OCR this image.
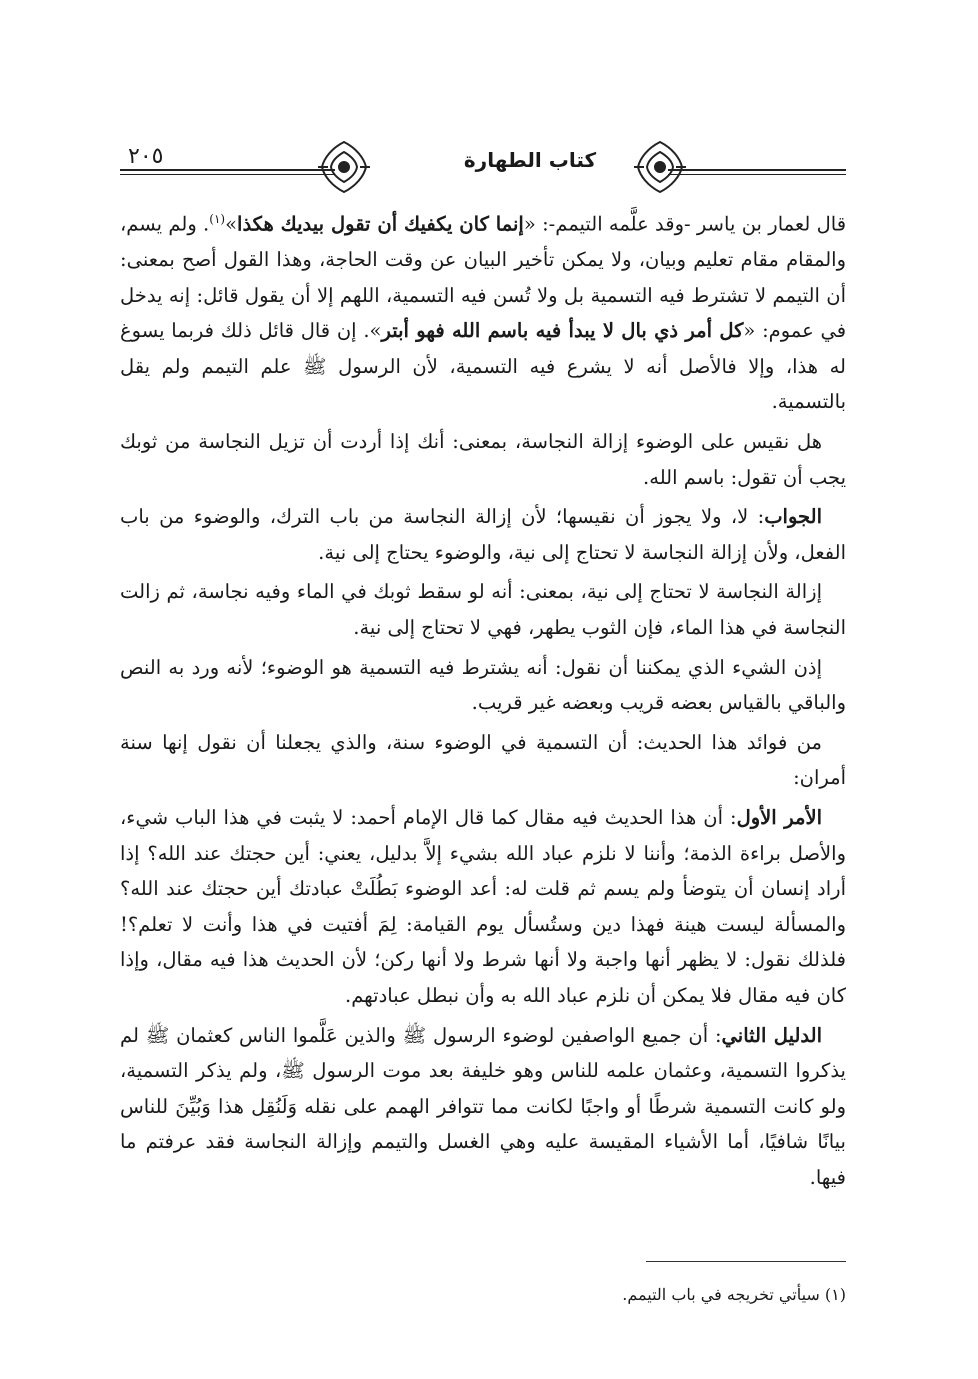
٢٠٥	كتاب الطهارة

قال لعمار بن ياسر -وقد علَّمه التيمم-: «إنما كان يكفيك أن تقول بيديك هكذا»$^{(١)}$. ولم يسم، والمقام مقام تعليم وبيان، ولا يمكن تأخير البيان عن وقت الحاجة، وهذا القول أصح بمعنى: أن التيمم لا تشترط فيه التسمية بل ولا تُسن فيه التسمية، اللهم إلا أن يقول قائل: إنه يدخل في عموم: «كل أمر ذي بال لا يبدأ فيه باسم الله فهو أبتر». إن قال قائل ذلك فربما يسوغ له هذا، وإلا فالأصل أنه لا يشرع فيه التسمية، لأن الرسول ﷺ علم التيمم ولم يقل بالتسمية.

هل نقيس على الوضوء إزالة النجاسة، بمعنى: أنك إذا أردت أن تزيل النجاسة من ثوبك يجب أن تقول: باسم الله.

الجواب: لا، ولا يجوز أن نقيسها؛ لأن إزالة النجاسة من باب الترك، والوضوء من باب الفعل، ولأن إزالة النجاسة لا تحتاج إلى نية، والوضوء يحتاج إلى نية.

إزالة النجاسة لا تحتاج إلى نية، بمعنى: أنه لو سقط ثوبك في الماء وفيه نجاسة، ثم زالت النجاسة في هذا الماء، فإن الثوب يطهر، فهي لا تحتاج إلى نية.

إذن الشيء الذي يمكننا أن نقول: أنه يشترط فيه التسمية هو الوضوء؛ لأنه ورد به النص والباقي بالقياس بعضه قريب وبعضه غير قريب.

من فوائد هذا الحديث: أن التسمية في الوضوء سنة، والذي يجعلنا أن نقول إنها سنة أمران:

الأمر الأول: أن هذا الحديث فيه مقال كما قال الإمام أحمد: لا يثبت في هذا الباب شيء، والأصل براءة الذمة؛ وأننا لا نلزم عباد الله بشيء إلاَّ بدليل، يعني: أين حجتك عند الله؟ إذا أراد إنسان أن يتوضأ ولم يسم ثم قلت له: أعد الوضوء بَطُلَتْ عبادتك أين حجتك عند الله؟ والمسألة ليست هينة فهذا دين وستُسأل يوم القيامة: لِمَ أفتيت في هذا وأنت لا تعلم؟! فلذلك نقول: لا يظهر أنها واجبة ولا أنها شرط ولا أنها ركن؛ لأن الحديث هذا فيه مقال، وإذا كان فيه مقال فلا يمكن أن نلزم عباد الله به وأن نبطل عبادتهم.

الدليل الثاني: أن جميع الواصفين لوضوء الرسول ﷺ والذين عَلَّموا الناس كعثمان ﷺ لم يذكروا التسمية، وعثمان علمه للناس وهو خليفة بعد موت الرسول ﷺ، ولم يذكر التسمية، ولو كانت التسمية شرطًا أو واجبًا لكانت مما تتوافر الهمم على نقله وَلَنُقِل هذا وَبُيِّنَ للناس بيانًا شافيًا، أما الأشياء المقيسة عليه وهي الغسل والتيمم وإزالة النجاسة فقد عرفتم ما فيها.

(١) سيأتي تخريجه في باب التيمم.
